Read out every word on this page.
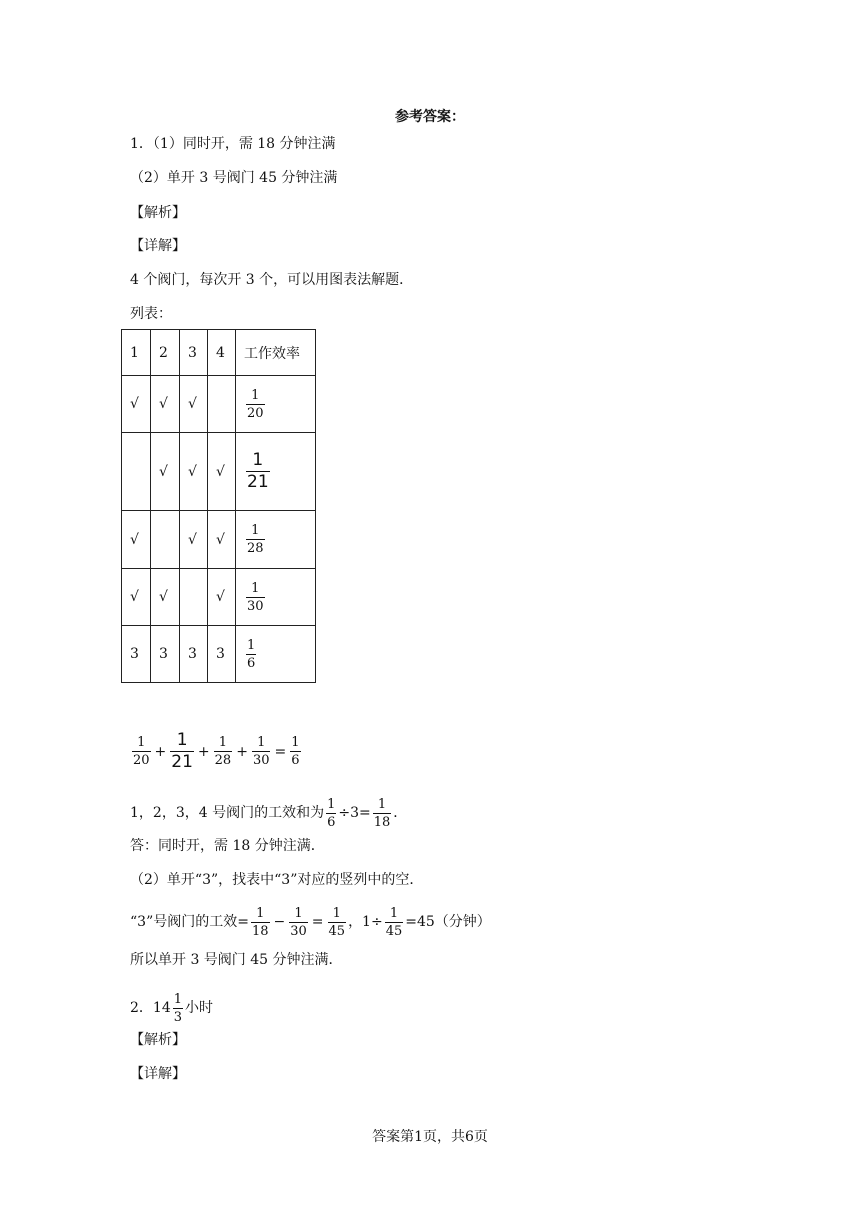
参考答案：
1．（1）同时开，需 18 分钟注满
（2）单开 3 号阀门 45 分钟注满
【解析】
【详解】
4 个阀门，每次开 3 个，可以用图表法解题．
列表：
1	2	3	4	工作效率
√	√	√		$\frac{1}{20}$

	√	√	√	$\frac{1}{21}$

√		√	√	$\frac{1}{28}$

√	√		√	$\frac{1}{30}$

3	3	3	3	$\frac{1}{6}$
$\frac{1}{20} + \frac{1}{21} + \frac{1}{28} + \frac{1}{30} = \frac{1}{6}$
1，2，3，4 号阀门的工效和为 $\frac{1}{6} \div 3= \frac{1}{18}$ ．
答：同时开，需 18 分钟注满．
（2）单开“3”，找表中“3”对应的竖列中的空．
“3”号阀门的工效= $\frac{1}{18} - \frac{1}{30} = \frac{1}{45}$ ，$1\div \frac{1}{45} =45$（分钟）
所以单开 3 号阀门 45 分钟注满．
2．$14 \frac{1}{3}$ 小时
【解析】
【详解】
答案第1页，共6页
